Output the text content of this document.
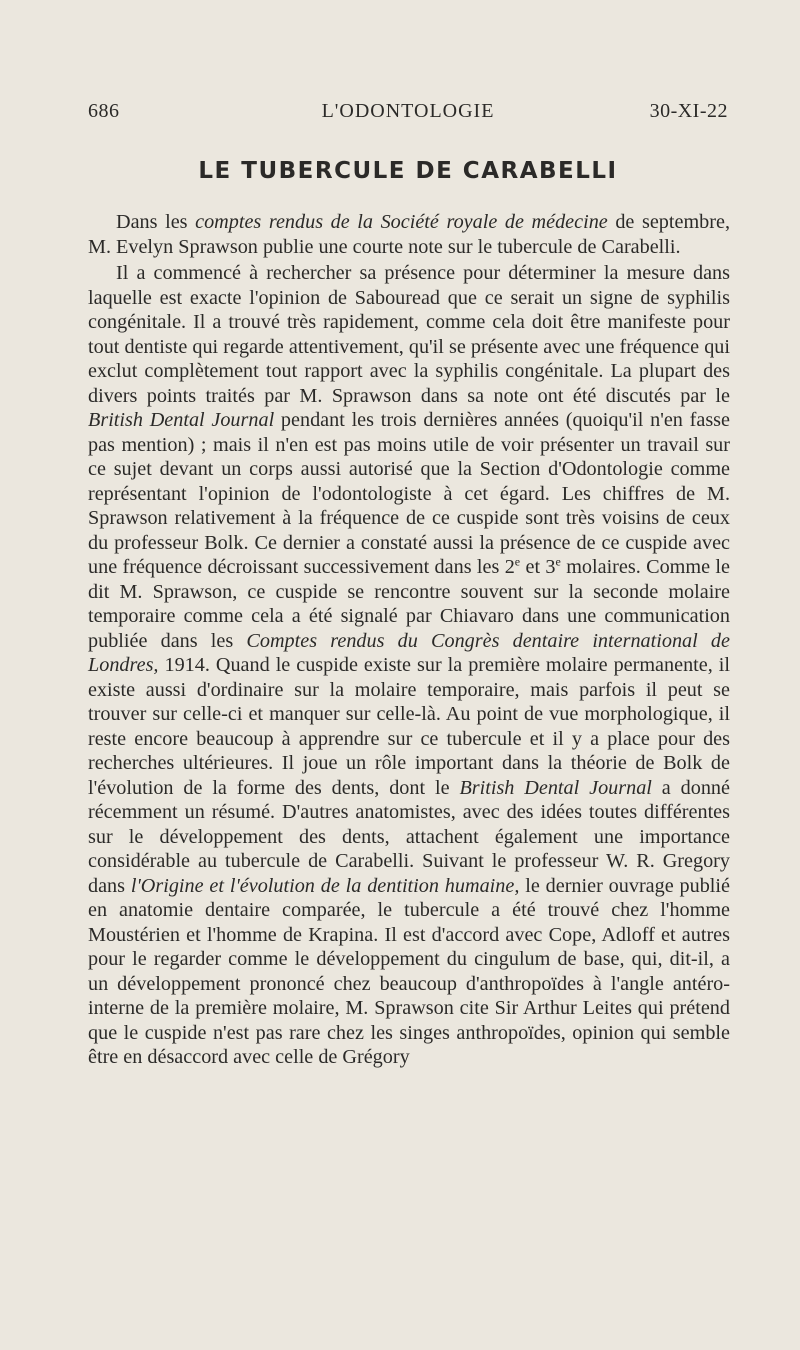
686	L'ODONTOLOGIE	30-XI-22
LE TUBERCULE DE CARABELLI

Dans les comptes rendus de la Société royale de médecine de septembre, M. Evelyn Sprawson publie une courte note sur le tubercule de Carabelli.

Il a commencé à rechercher sa présence pour déterminer la mesure dans laquelle est exacte l'opinion de Sabouread que ce serait un signe de syphilis congénitale. Il a trouvé très rapidement, comme cela doit être manifeste pour tout dentiste qui regarde attentivement, qu'il se présente avec une fréquence qui exclut complètement tout rapport avec la syphilis congénitale. La plupart des divers points traités par M. Sprawson dans sa note ont été discutés par le British Dental Journal pendant les trois dernières années (quoiqu'il n'en fasse pas mention) ; mais il n'en est pas moins utile de voir présenter un travail sur ce sujet devant un corps aussi autorisé que la Section d'Odontologie comme représentant l'opinion de l'odontologiste à cet égard. Les chiffres de M. Sprawson relativement à la fréquence de ce cuspide sont très voisins de ceux du professeur Bolk. Ce dernier a constaté aussi la présence de ce cuspide avec une fréquence décroissant successivement dans les 2e et 3e molaires. Comme le dit M. Sprawson, ce cuspide se rencontre souvent sur la seconde molaire temporaire comme cela a été signalé par Chiavaro dans une communication publiée dans les Comptes rendus du Congrès dentaire international de Londres, 1914. Quand le cuspide existe sur la première molaire permanente, il existe aussi d'ordinaire sur la molaire temporaire, mais parfois il peut se trouver sur celle-ci et manquer sur celle-là. Au point de vue morphologique, il reste encore beaucoup à apprendre sur ce tubercule et il y a place pour des recherches ultérieures. Il joue un rôle important dans la théorie de Bolk de l'évolution de la forme des dents, dont le British Dental Journal a donné récemment un résumé. D'autres anatomistes, avec des idées toutes différentes sur le développement des dents, attachent également une importance considérable au tubercule de Carabelli. Suivant le professeur W. R. Gregory dans l'Origine et l'évolution de la dentition humaine, le dernier ouvrage publié en anatomie dentaire comparée, le tubercule a été trouvé chez l'homme Moustérien et l'homme de Krapina. Il est d'accord avec Cope, Adloff et autres pour le regarder comme le développement du cingulum de base, qui, dit-il, a un développement prononcé chez beaucoup d'anthropoïdes à l'angle antéro-interne de la première molaire, M. Sprawson cite Sir Arthur Leites qui prétend que le cuspide n'est pas rare chez les singes anthropoïdes, opinion qui semble être en désaccord avec celle de Grégory
